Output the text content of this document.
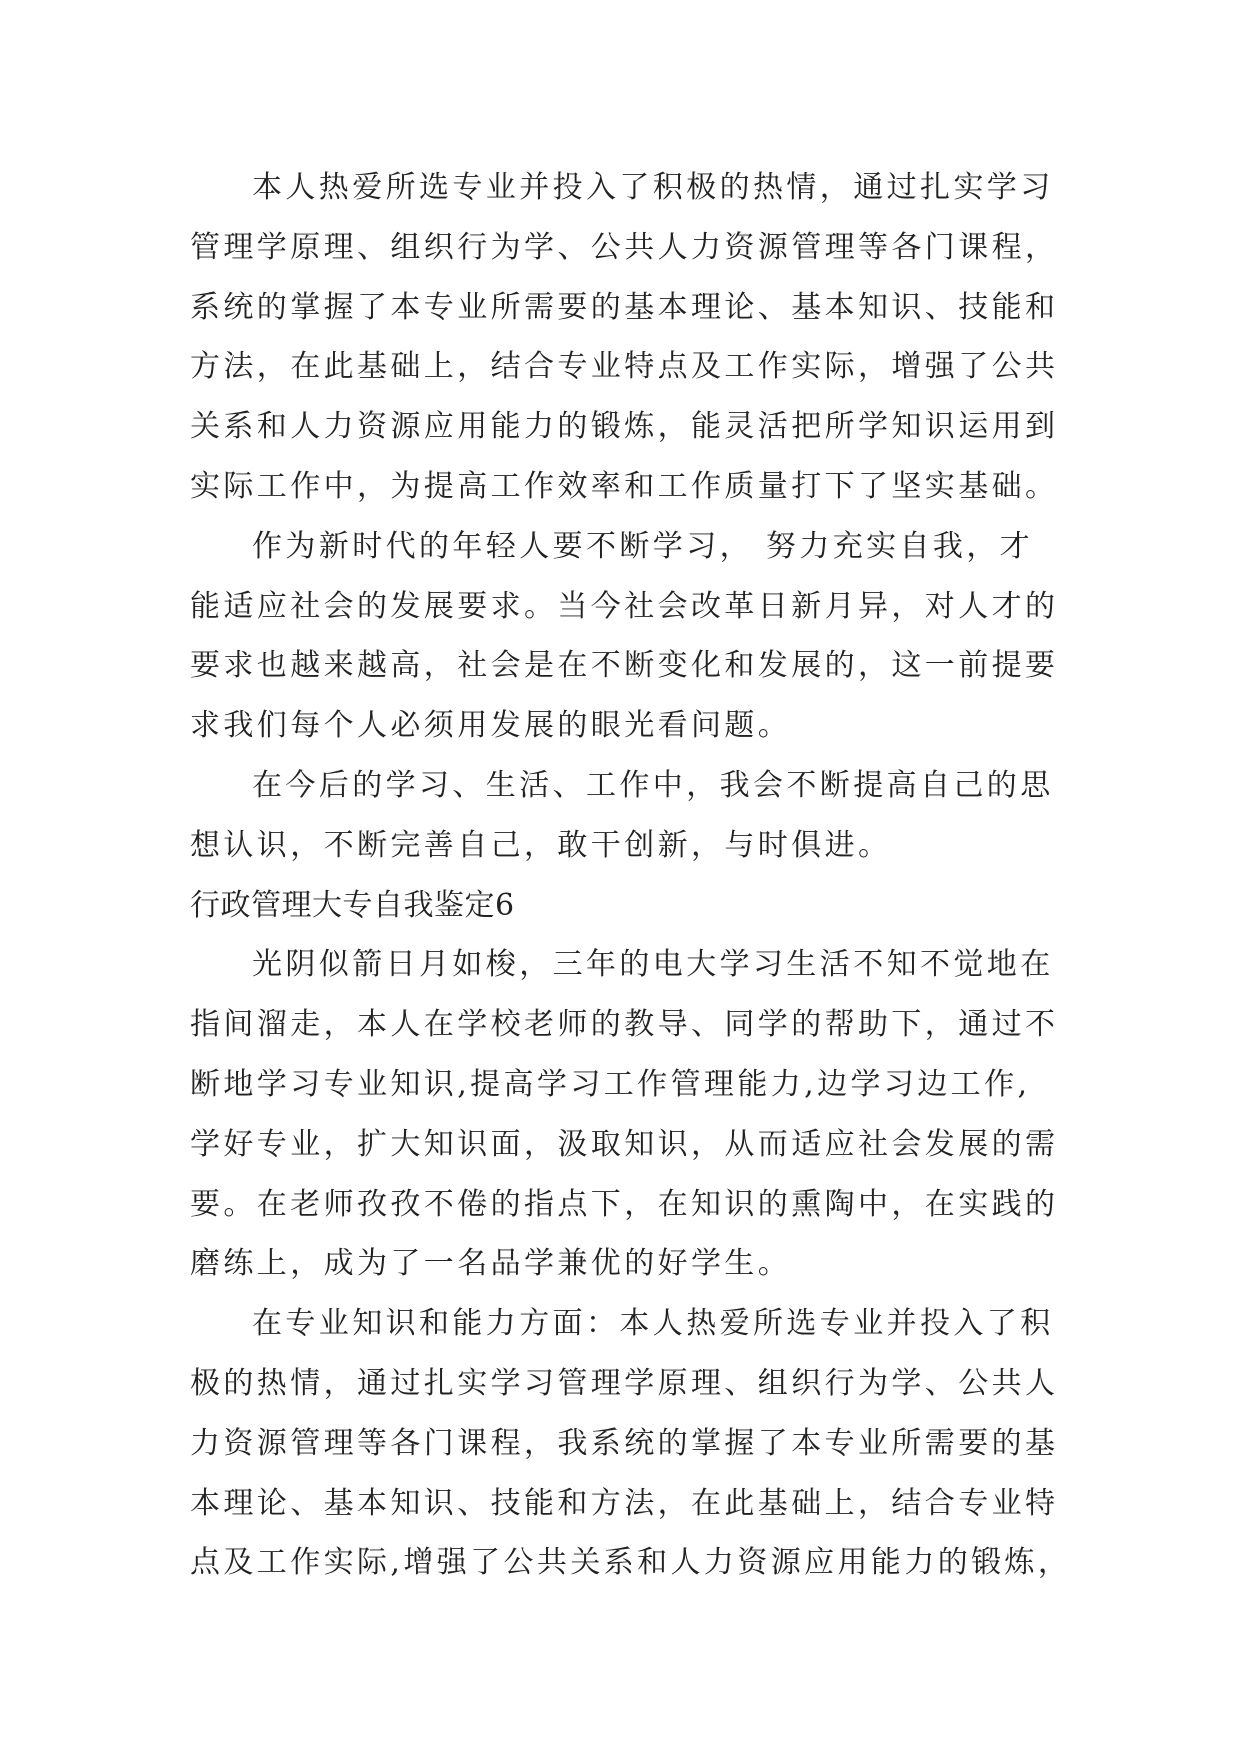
本人热爱所选专业并投入了积极的热情，通过扎实学习
管理学原理、组织行为学、公共人力资源管理等各门课程，
系统的掌握了本专业所需要的基本理论、基本知识、技能和
方法，在此基础上，结合专业特点及工作实际，增强了公共
关系和人力资源应用能力的锻炼，能灵活把所学知识运用到
实际工作中，为提高工作效率和工作质量打下了坚实基础。
作为新时代的年轻人要不断学习， 努力充实自我，才
能适应社会的发展要求。当今社会改革日新月异，对人才的
要求也越来越高，社会是在不断变化和发展的，这一前提要
求我们每个人必须用发展的眼光看问题。
在今后的学习、生活、工作中，我会不断提高自己的思
想认识，不断完善自己，敢干创新，与时俱进。
行政管理大专自我鉴定6
光阴似箭日月如梭，三年的电大学习生活不知不觉地在
指间溜走，本人在学校老师的教导、同学的帮助下，通过不
断地学习专业知识,提高学习工作管理能力,边学习边工作,
学好专业，扩大知识面，汲取知识，从而适应社会发展的需
要。在老师孜孜不倦的指点下，在知识的熏陶中，在实践的
磨练上，成为了一名品学兼优的好学生。
在专业知识和能力方面：本人热爱所选专业并投入了积
极的热情，通过扎实学习管理学原理、组织行为学、公共人
力资源管理等各门课程，我系统的掌握了本专业所需要的基
本理论、基本知识、技能和方法，在此基础上，结合专业特
点及工作实际,增强了公共关系和人力资源应用能力的锻炼，
